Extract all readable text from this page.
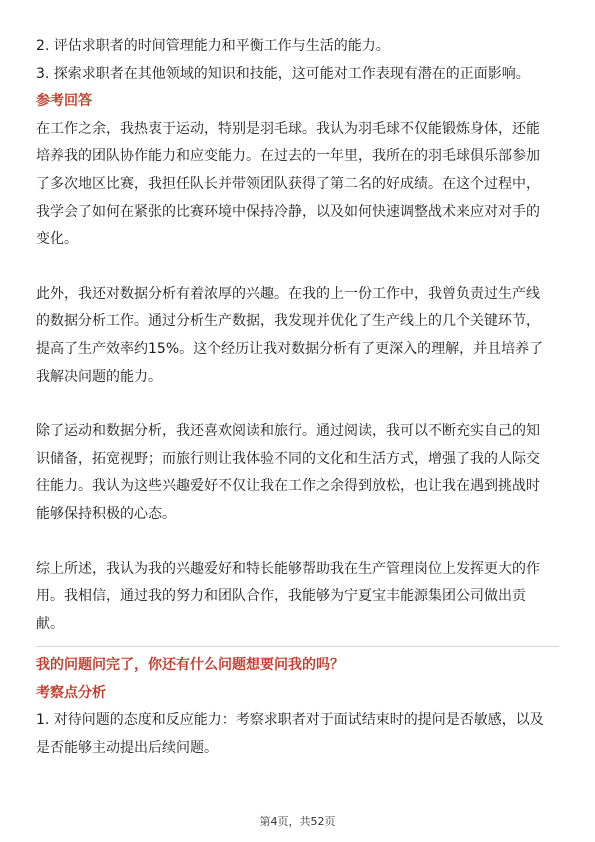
2. 评估求职者的时间管理能力和平衡工作与生活的能力。
3. 探索求职者在其他领域的知识和技能，这可能对工作表现有潜在的正面影响。
参考回答
在工作之余，我热衷于运动，特别是羽毛球。我认为羽毛球不仅能锻炼身体，还能
培养我的团队协作能力和应变能力。在过去的一年里，我所在的羽毛球俱乐部参加
了多次地区比赛，我担任队长并带领团队获得了第二名的好成绩。在这个过程中，
我学会了如何在紧张的比赛环境中保持冷静，以及如何快速调整战术来应对对手的
变化。
此外，我还对数据分析有着浓厚的兴趣。在我的上一份工作中，我曾负责过生产线
的数据分析工作。通过分析生产数据，我发现并优化了生产线上的几个关键环节，
提高了生产效率约15%。这个经历让我对数据分析有了更深入的理解，并且培养了
我解决问题的能力。
除了运动和数据分析，我还喜欢阅读和旅行。通过阅读，我可以不断充实自己的知
识储备，拓宽视野；而旅行则让我体验不同的文化和生活方式，增强了我的人际交
往能力。我认为这些兴趣爱好不仅让我在工作之余得到放松，也让我在遇到挑战时
能够保持积极的心态。
综上所述，我认为我的兴趣爱好和特长能够帮助我在生产管理岗位上发挥更大的作
用。我相信，通过我的努力和团队合作，我能够为宁夏宝丰能源集团公司做出贡
献。
我的问题问完了，你还有什么问题想要问我的吗？
考察点分析
1. 对待问题的态度和反应能力：考察求职者对于面试结束时的提问是否敏感，以及
是否能够主动提出后续问题。
第4页，共52页
